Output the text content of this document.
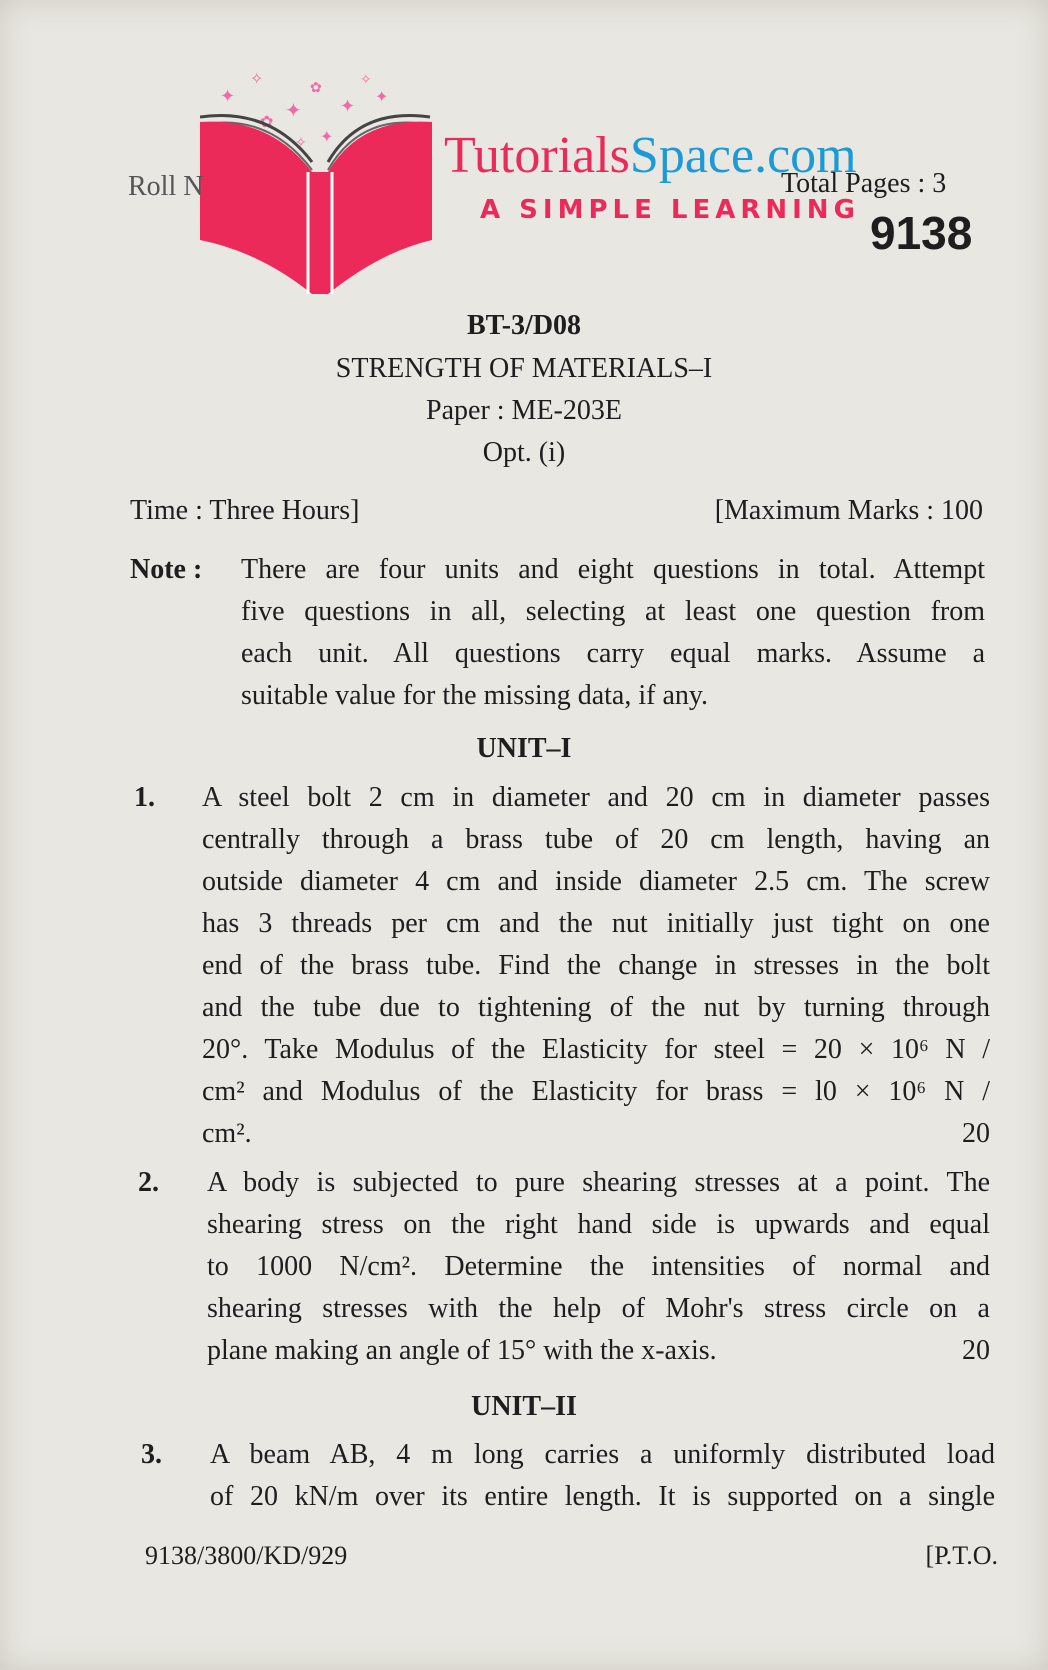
✦
✧
✦
✿
✦
✧
✿
✦
✦
✧	TutorialsSpace.com
A SIMPLE LEARNING
Roll N	Total Pages : 3
9138
BT-3/D08
STRENGTH OF MATERIALS–I
Paper : ME-203E
Opt. (i)
Time : Three Hours]	[Maximum Marks : 100
Note : There are four units and eight questions in total. Attempt
five questions in all, selecting at least one question from
each unit. All questions carry equal marks. Assume a
suitable value for the missing data, if any.
UNIT–I
1. A steel bolt 2 cm in diameter and 20 cm in diameter passes
centrally through a brass tube of 20 cm length, having an
outside diameter 4 cm and inside diameter 2.5 cm. The screw
has 3 threads per cm and the nut initially just tight on one
end of the brass tube. Find the change in stresses in the bolt
and the tube due to tightening of the nut by turning through
20°. Take Modulus of the Elasticity for steel = 20 × 10⁶ N /
cm² and Modulus of the Elasticity for brass = l0 × 10⁶ N /
cm².	20
2. A body is subjected to pure shearing stresses at a point. The
shearing stress on the right hand side is upwards and equal
to 1000 N/cm². Determine the intensities of normal and
shearing stresses with the help of Mohr's stress circle on a
plane making an angle of 15° with the x-axis.	20
UNIT–II
3. A beam AB, 4 m long carries a uniformly distributed load
of 20 kN/m over its entire length. It is supported on a single
9138/3800/KD/929	[P.T.O.
